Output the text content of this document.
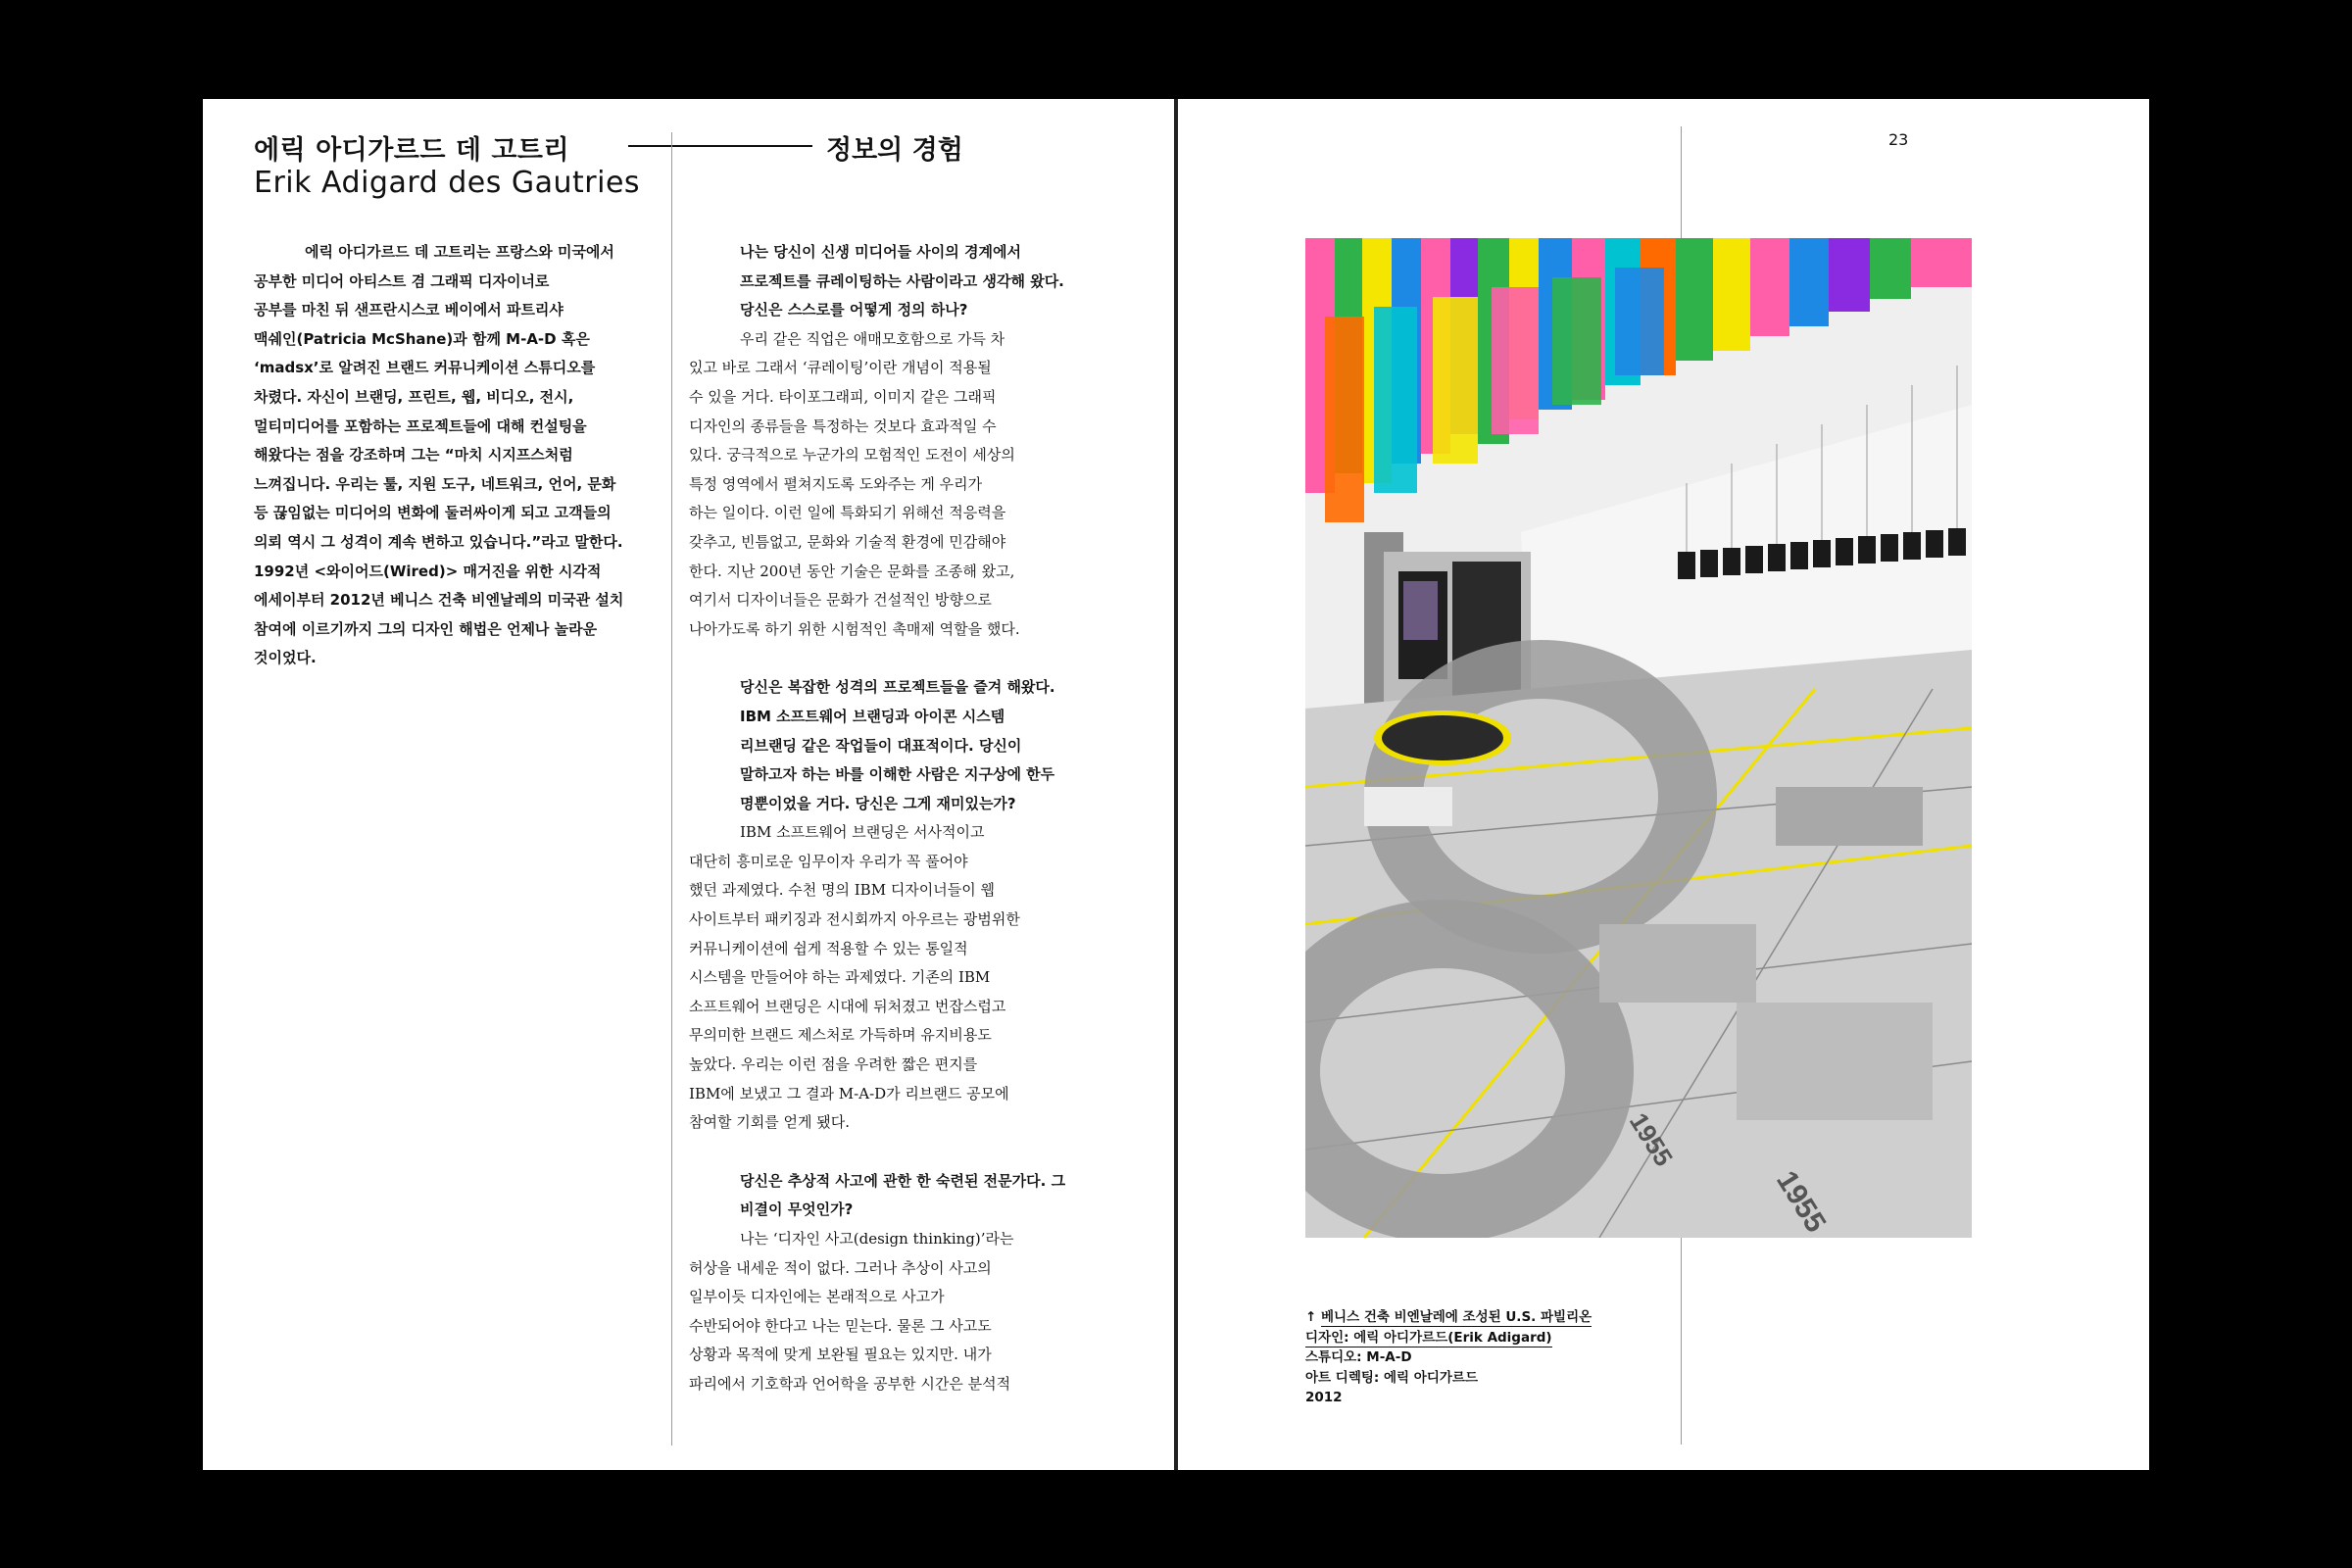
에릭 아디가르드 데 고트리
Erik Adigard des Gautries
정보의 경험

에릭 아디가르드 데 고트리는 프랑스와 미국에서

공부한 미디어 아티스트 겸 그래픽 디자이너로

공부를 마친 뒤 샌프란시스코 베이에서 파트리샤

맥쉐인(Patricia McShane)과 함께 M-A-D 혹은

‘madsx’로 알려진 브랜드 커뮤니케이션 스튜디오를

차렸다. 자신이 브랜딩, 프린트, 웹, 비디오, 전시,

멀티미디어를 포함하는 프로젝트들에 대해 컨설팅을

해왔다는 점을 강조하며 그는 “마치 시지프스처럼

느껴집니다. 우리는 툴, 지원 도구, 네트워크, 언어, 문화

등 끊임없는 미디어의 변화에 둘러싸이게 되고 고객들의

의뢰 역시 그 성격이 계속 변하고 있습니다.”라고 말한다.

1992년 <와이어드(Wired)> 매거진을 위한 시각적

에세이부터 2012년 베니스 건축 비엔날레의 미국관 설치

참여에 이르기까지 그의 디자인 해법은 언제나 놀라운

것이었다.

나는 당신이 신생 미디어들 사이의 경계에서

프로젝트를 큐레이팅하는 사람이라고 생각해 왔다.

당신은 스스로를 어떻게 정의 하나?

우리 같은 직업은 애매모호함으로 가득 차

있고 바로 그래서 ‘큐레이팅’이란 개념이 적용될

수 있을 거다. 타이포그래피, 이미지 같은 그래픽

디자인의 종류들을 특정하는 것보다 효과적일 수

있다. 궁극적으로 누군가의 모험적인 도전이 세상의

특정 영역에서 펼쳐지도록 도와주는 게 우리가

하는 일이다. 이런 일에 특화되기 위해선 적응력을

갖추고, 빈틈없고, 문화와 기술적 환경에 민감해야

한다. 지난 200년 동안 기술은 문화를 조종해 왔고,

여기서 디자이너들은 문화가 건설적인 방향으로

나아가도록 하기 위한 시험적인 촉매제 역할을 했다.

당신은 복잡한 성격의 프로젝트들을 즐겨 해왔다.

IBM 소프트웨어 브랜딩과 아이콘 시스템

리브랜딩 같은 작업들이 대표적이다. 당신이

말하고자 하는 바를 이해한 사람은 지구상에 한두

명뿐이었을 거다. 당신은 그게 재미있는가?

IBM 소프트웨어 브랜딩은 서사적이고

대단히 흥미로운 임무이자 우리가 꼭 풀어야

했던 과제였다. 수천 명의 IBM 디자이너들이 웹

사이트부터 패키징과 전시회까지 아우르는 광범위한

커뮤니케이션에 쉽게 적용할 수 있는 통일적

시스템을 만들어야 하는 과제였다. 기존의 IBM

소프트웨어 브랜딩은 시대에 뒤처졌고 번잡스럽고

무의미한 브랜드 제스처로 가득하며 유지비용도

높았다. 우리는 이런 점을 우려한 짧은 편지를

IBM에 보냈고 그 결과 M-A-D가 리브랜드 공모에

참여할 기회를 얻게 됐다.

당신은 추상적 사고에 관한 한 숙련된 전문가다. 그

비결이 무엇인가?

나는 ‘디자인 사고(design thinking)’라는

허상을 내세운 적이 없다. 그러나 추상이 사고의

일부이듯 디자인에는 본래적으로 사고가

수반되어야 한다고 나는 믿는다. 물론 그 사고도

상황과 목적에 맞게 보완될 필요는 있지만. 내가

파리에서 기호학과 언어학을 공부한 시간은 분석적

23
1955
1955
↑ 베니스 건축 비엔날레에 조성된 U.S. 파빌리온
디자인: 에릭 아디가르드(Erik Adigard)
스튜디오: M-A-D
아트 디렉팅: 에릭 아디가르드
2012
